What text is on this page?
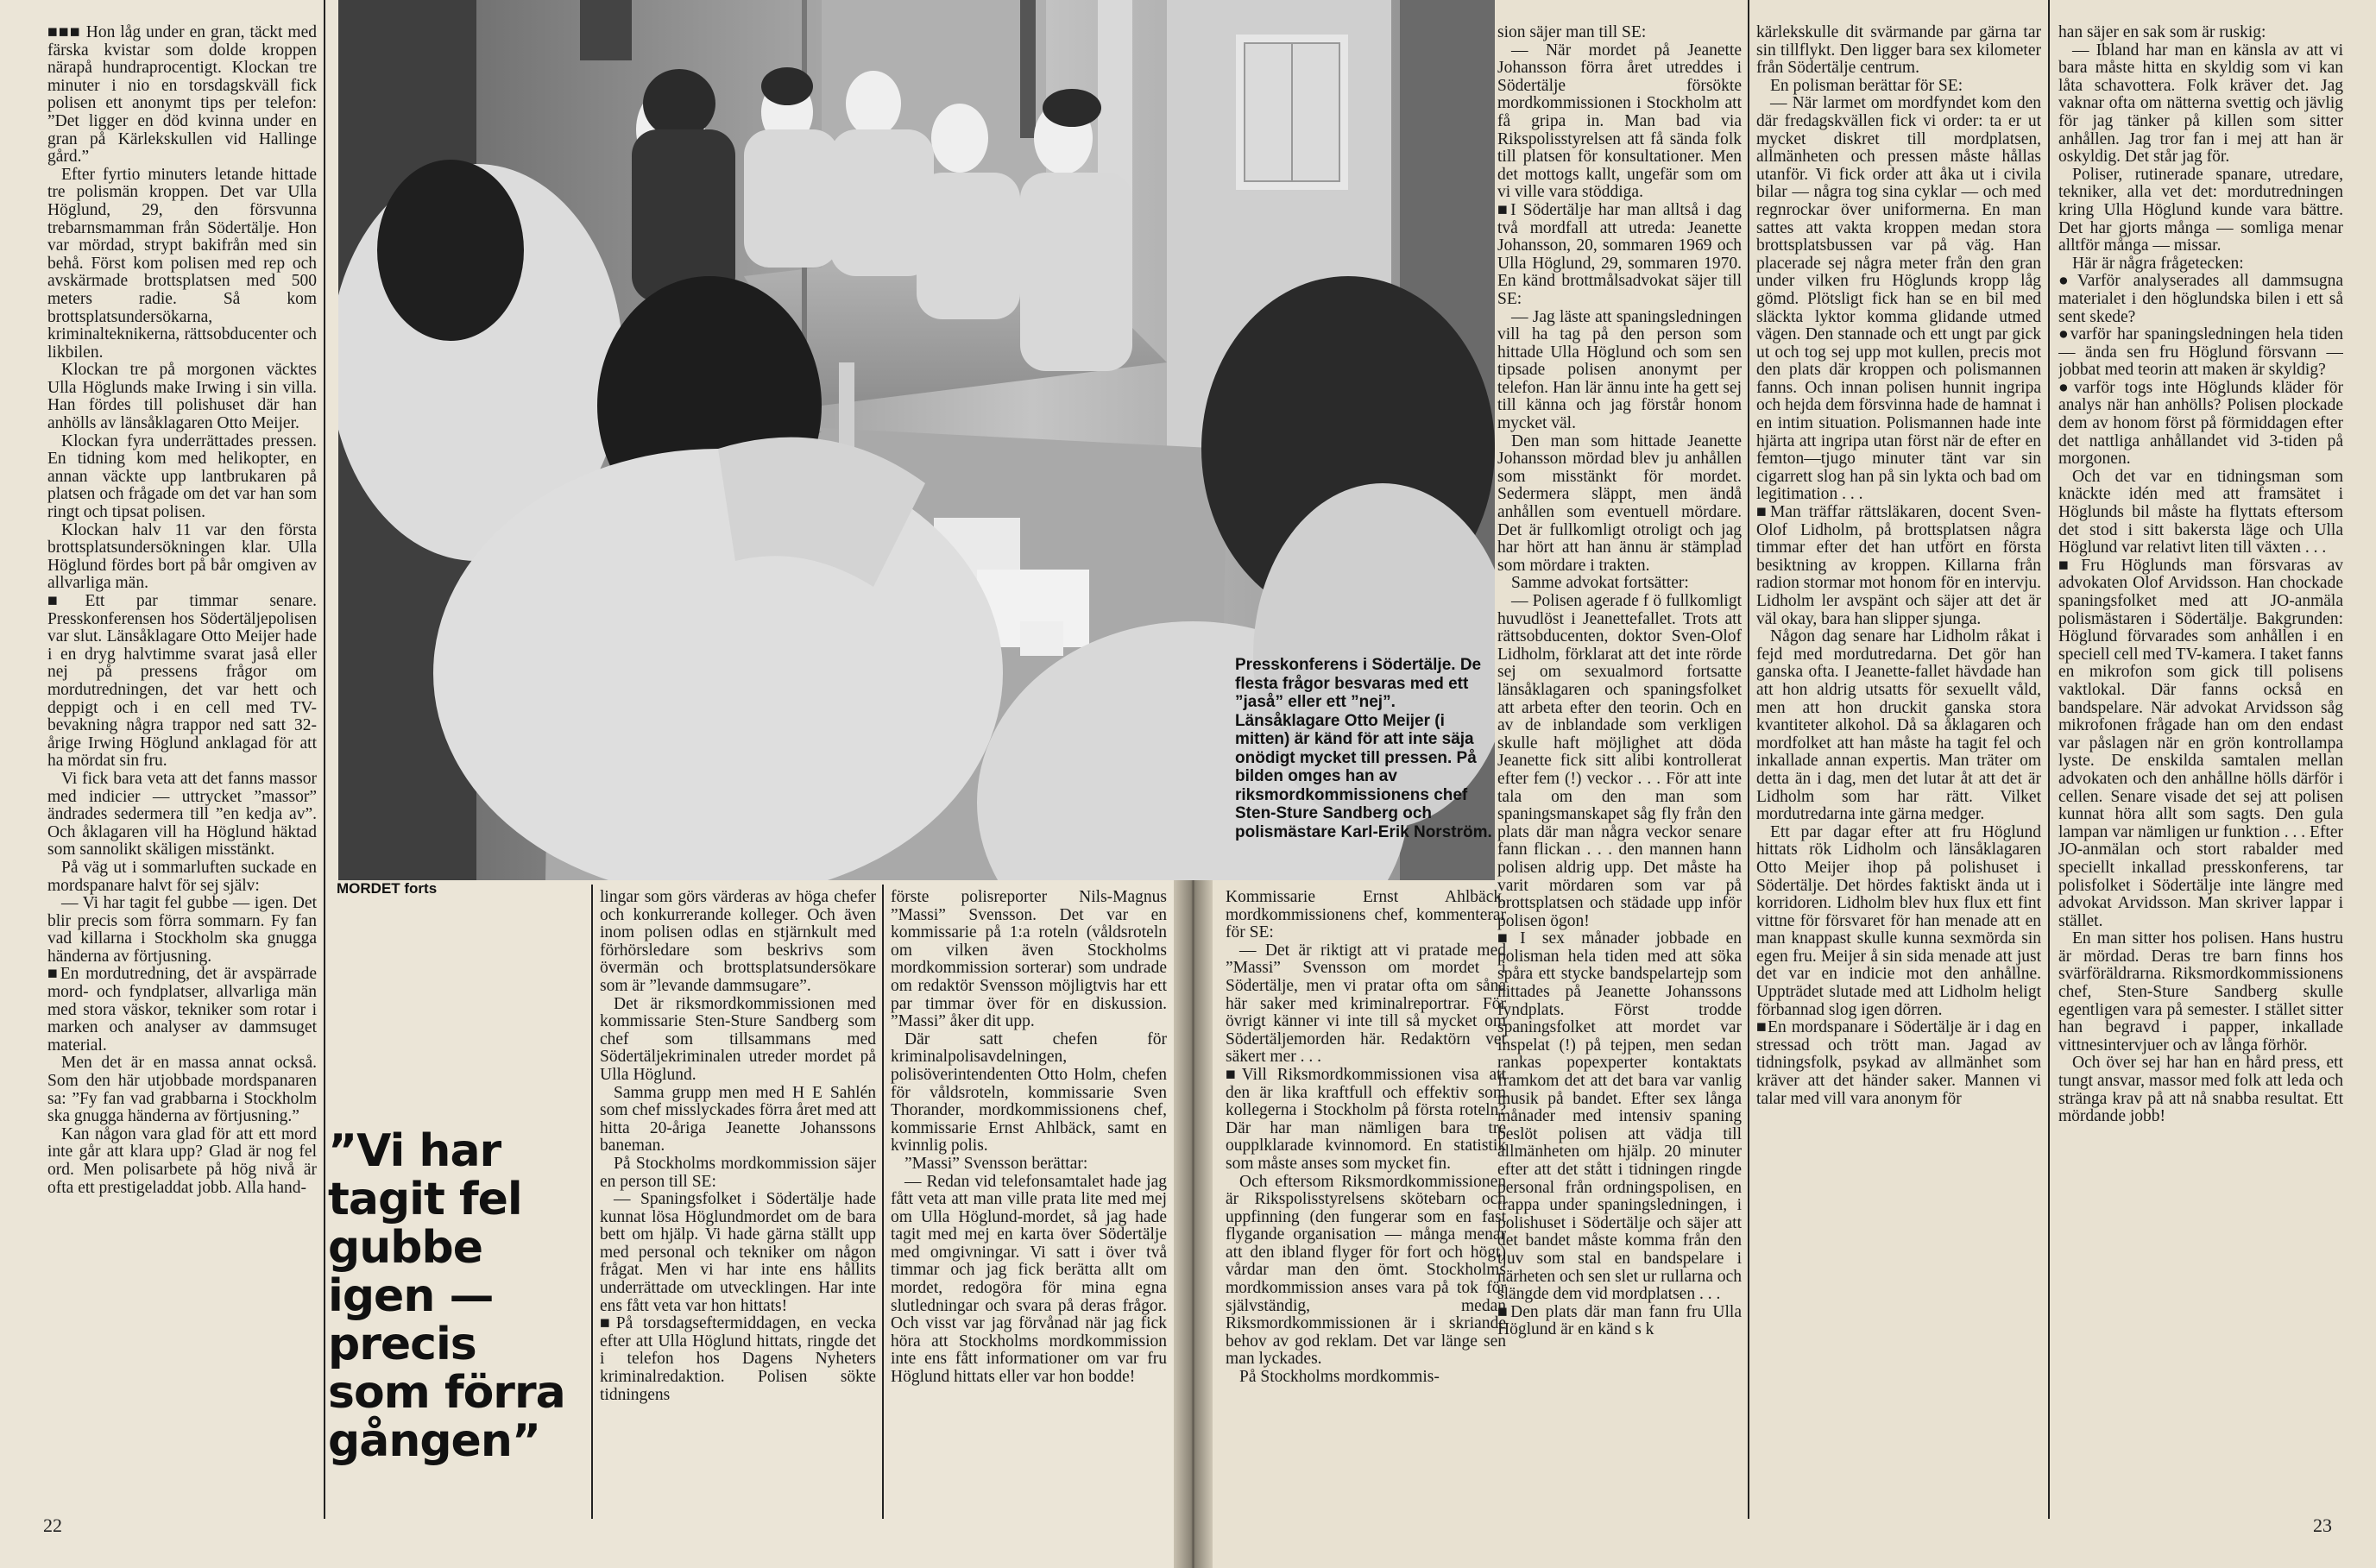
MORDET forts

■ ■■ Hon låg under en gran, täckt med färska kvistar som dolde kroppen närapå hundraprocentigt. Klockan tre minuter i nio en torsdagskväll fick polisen ett anonymt tips per telefon: ”Det ligger en död kvinna under en gran på Kärlekskullen vid Hallinge gård.”

Efter fyrtio minuters letande hittade tre polismän kroppen. Det var Ulla Höglund, 29, den försvunna trebarnsmamman från Södertälje. Hon var mördad, strypt bakifrån med sin behå. Först kom polisen med rep och avskärmade brottsplatsen med 500 meters radie. Så kom brottsplatsundersökarna, kriminalteknikerna, rättsobducenter och likbilen.

Klockan tre på morgonen väcktes Ulla Höglunds make Irwing i sin villa. Han fördes till polishuset där han anhölls av länsåklagaren Otto Meijer.

Klockan fyra underrättades pressen. En tidning kom med helikopter, en annan väckte upp lantbrukaren på platsen och frågade om det var han som ringt och tipsat polisen.

Klockan halv 11 var den första brottsplatsundersökningen klar. Ulla Höglund fördes bort på bår omgiven av allvarliga män.

■ Ett par timmar senare. Presskonferensen hos Södertäljepolisen var slut. Länsåklagare Otto Meijer hade i en dryg halvtimme svarat jaså eller nej på pressens frågor om mordutredningen, det var hett och deppigt och i en cell med TV-bevakning några trappor ned satt 32-årige Irwing Höglund anklagad för att ha mördat sin fru.

Vi fick bara veta att det fanns massor med indicier — uttrycket ”massor” ändrades sedermera till ”en kedja av”. Och åklagaren vill ha Höglund häktad som sannolikt skäligen misstänkt.

På väg ut i sommarluften suckade en mordspanare halvt för sej själv:

— Vi har tagit fel gubbe — igen. Det blir precis som förra sommarn. Fy fan vad killarna i Stockholm ska gnugga händerna av förtjusning.

■ En mordutredning, det är avspärrade mord- och fyndplatser, allvarliga män med stora väskor, tekniker som rotar i marken och analyser av dammsuget material.

Men det är en massa annat också. Som den här utjobbade mordspanaren sa: ”Fy fan vad grabbarna i Stockholm ska gnugga händerna av förtjusning.”

Kan någon vara glad för att ett mord inte går att klara upp? Glad är nog fel ord. Men polisarbete på hög nivå är ofta ett prestigeladdat jobb. Alla hand-

”Vi har tagit fel gubbe igen — precis som förra gången”

lingar som görs värderas av höga chefer och konkurrerande kolleger. Och även inom polisen odlas en stjärnkult med förhörsledare som beskrivs som övermän och brottsplatsundersökare som är ”levande dammsugare”.

Det är riksmordkommissionen med kommissarie Sten-Sture Sandberg som chef som tillsammans med Södertäljekriminalen utreder mordet på Ulla Höglund.

Samma grupp men med H E Sahlén som chef misslyckades förra året med att hitta 20-åriga Jeanette Johanssons baneman.

På Stockholms mordkommission säjer en person till SE:

— Spaningsfolket i Södertälje hade kunnat lösa Höglundmordet om de bara bett om hjälp. Vi hade gärna ställt upp med personal och tekniker om någon frågat. Men vi har inte ens hållits underrättade om utvecklingen. Har inte ens fått veta var hon hittats!

■ På torsdagseftermiddagen, en vecka efter att Ulla Höglund hittats, ringde det i telefon hos Dagens Nyheters kriminalredaktion. Polisen sökte tidningens

förste polisreporter Nils-Magnus ”Massi” Svensson. Det var en kommissarie på 1:a roteln (våldsroteln om vilken även Stockholms mordkommission sorterar) som undrade om redaktör Svensson möjligtvis har ett par timmar över för en diskussion. ”Massi” åker dit upp.

Där satt chefen för kriminalpolisavdelningen, polisöverintendenten Otto Holm, chefen för våldsroteln, kommissarie Sven Thorander, mordkommissionens chef, kommissarie Ernst Ahlbäck, samt en kvinnlig polis.

”Massi” Svensson berättar:

— Redan vid telefonsamtalet hade jag fått veta att man ville prata lite med mej om Ulla Höglund-mordet, så jag hade tagit med mej en karta över Södertälje med omgivningar. Vi satt i över två timmar och jag fick berätta allt om mordet, redogöra för mina egna slutledningar och svara på deras frågor. Och visst var jag förvånad när jag fick höra att Stockholms mordkommission inte ens fått informationer om var fru Höglund hittats eller var hon bodde!

Presskonferens i Södertälje. De flesta frågor besvaras med ett ”jaså” eller ett ”nej”. Länsåklagare Otto Meijer (i mitten) är känd för att inte säja onödigt mycket till pressen. På bilden omges han av riksmordkommissionens chef Sten-Sture Sandberg och polismästare Karl-Erik Norström.

Kommissarie Ernst Ahlbäck, mordkommissionens chef, kommenterar för SE:

— Det är riktigt att vi pratade med ”Massi” Svensson om mordet i Södertälje, men vi pratar ofta om såna här saker med kriminalreportrar. För övrigt känner vi inte till så mycket om Södertäljemorden här. Redaktörn vet säkert mer . . .

■ Vill Riksmordkommissionen visa att den är lika kraftfull och effektiv som kollegerna i Stockholm på första roteln? Där har man nämligen bara tre oupplklarade kvinnomord. En statistik som måste anses som mycket fin.

Och eftersom Riksmordkommissionen är Rikspolisstyrelsens skötebarn och uppfinning (den fungerar som en fast flygande organisation — många menar att den ibland flyger för fort och högt) vårdar man den ömt. Stockholms mordkommission anses vara på tok för självständig, medan Riksmordkommissionen är i skriande behov av god reklam. Det var länge sen man lyckades.

På Stockholms mordkommis-

sion säjer man till SE:

— När mordet på Jeanette Johansson förra året utreddes i Södertälje försökte mordkommissionen i Stockholm att få gripa in. Man bad via Rikspolisstyrelsen att få sända folk till platsen för konsultationer. Men det mottogs kallt, ungefär som om vi ville vara stöddiga.

■ I Södertälje har man alltså i dag två mordfall att utreda: Jeanette Johansson, 20, sommaren 1969 och Ulla Höglund, 29, sommaren 1970. En känd brottmålsadvokat säjer till SE:

— Jag läste att spaningsledningen vill ha tag på den person som hittade Ulla Höglund och som sen tipsade polisen anonymt per telefon. Han lär ännu inte ha gett sej till känna och jag förstår honom mycket väl.

Den man som hittade Jeanette Johansson mördad blev ju anhållen som misstänkt för mordet. Sedermera släppt, men ändå anhållen som eventuell mördare. Det är fullkomligt otroligt och jag har hört att han ännu är stämplad som mördare i trakten.

Samme advokat fortsätter:

— Polisen agerade f ö fullkomligt huvudlöst i Jeanettefallet. Trots att rättsobducenten, doktor Sven-Olof Lidholm, förklarat att det inte rörde sej om sexualmord fortsatte länsåklagaren och spaningsfolket att arbeta efter den teorin. Och en av de inblandade som verkligen skulle haft möjlighet att döda Jeanette fick sitt alibi kontrollerat efter fem (!) veckor . . . För att inte tala om den man som spaningsmanskapet såg fly från den plats där man några veckor senare fann flickan . . . den mannen hann polisen aldrig upp. Det måste ha varit mördaren som var på brottsplatsen och städade upp inför polisen ögon!

■ I sex månader jobbade en polisman hela tiden med att söka spåra ett stycke bandspelartejp som hittades på Jeanette Johanssons fyndplats. Först trodde spaningsfolket att mordet var inspelat (!) på tejpen, men sedan rankas popexperter kontaktats framkom det att det bara var vanlig musik på bandet. Efter sex långa månader med intensiv spaning beslöt polisen att vädja till allmänheten om hjälp. 20 minuter efter att det stått i tidningen ringde personal från ordningspolisen, en trappa under spaningsledningen, i polishuset i Södertälje och säjer att det bandet måste komma från den tjuv som stal en bandspelare i närheten och sen slet ur rullarna och slängde dem vid mordplatsen . . .

■ Den plats där man fann fru Ulla Höglund är en känd s k

kärlekskulle dit svärmande par gärna tar sin tillflykt. Den ligger bara sex kilometer från Södertälje centrum.

En polisman berättar för SE:

— När larmet om mordfyndet kom den där fredagskvällen fick vi order: ta er ut mycket diskret till mordplatsen, allmänheten och pressen måste hållas utanför. Vi fick order att åka ut i civila bilar — några tog sina cyklar — och med regnrockar över uniformerna. En man sattes att vakta kroppen medan stora brottsplatsbussen var på väg. Han placerade sej några meter från den gran under vilken fru Höglunds kropp låg gömd. Plötsligt fick han se en bil med släckta lyktor komma glidande utmed vägen. Den stannade och ett ungt par gick ut och tog sej upp mot kullen, precis mot den plats där kroppen och polismannen fanns. Och innan polisen hunnit ingripa och hejda dem försvinna hade de hamnat i en intim situation. Polismannen hade inte hjärta att ingripa utan först när de efter en femton—tjugo minuter tänt var sin cigarrett slog han på sin lykta och bad om legitimation . . .

■ Man träffar rättsläkaren, docent Sven-Olof Lidholm, på brottsplatsen några timmar efter det han utfört en första besiktning av kroppen. Killarna från radion stormar mot honom för en intervju. Lidholm ler avspänt och säjer att det är väl okay, bara han slipper sjunga.

Någon dag senare har Lidholm råkat i fejd med mordutredarna. Det gör han ganska ofta. I Jeanette-fallet hävdade han att hon aldrig utsatts för sexuellt våld, men att hon druckit ganska stora kvantiteter alkohol. Då sa åklagaren och mordfolket att han måste ha tagit fel och inkallade annan expertis. Man träter om detta än i dag, men det lutar åt att det är Lidholm som har rätt. Vilket mordutredarna inte gärna medger.

Ett par dagar efter att fru Höglund hittats rök Lidholm och länsåklagaren Otto Meijer ihop på polishuset i Södertälje. Det hördes faktiskt ända ut i korridoren. Lidholm blev hux flux ett fint vittne för försvaret för han menade att en man knappast skulle kunna sexmörda sin egen fru. Meijer å sin sida menade att just det var en indicie mot den anhållne. Uppträdet slutade med att Lidholm heligt förbannad slog igen dörren.

■ En mordspanare i Södertälje är i dag en stressad och trött man. Jagad av tidningsfolk, psykad av allmänhet som kräver att det händer saker. Mannen vi talar med vill vara anonym för

han säjer en sak som är ruskig:

— Ibland har man en känsla av att vi bara måste hitta en skyldig som vi kan låta schavottera. Folk kräver det. Jag vaknar ofta om nätterna svettig och jävlig för jag tänker på killen som sitter anhållen. Jag tror fan i mej att han är oskyldig. Det står jag för.

Poliser, rutinerade spanare, utredare, tekniker, alla vet det: mordutredningen kring Ulla Höglund kunde vara bättre. Det har gjorts många — somliga menar alltför många — missar.

Här är några frågetecken:

● Varför analyserades all dammsugna materialet i den höglundska bilen i ett så sent skede?

● varför har spaningsledningen hela tiden — ända sen fru Höglund försvann — jobbat med teorin att maken är skyldig?

● varför togs inte Höglunds kläder för analys när han anhölls? Polisen plockade dem av honom först på förmiddagen efter det nattliga anhållandet vid 3-tiden på morgonen.

Och det var en tidningsman som knäckte idén med att framsätet i Höglunds bil måste ha flyttats eftersom det stod i sitt bakersta läge och Ulla Höglund var relativt liten till växten . . .

■ Fru Höglunds man försvaras av advokaten Olof Arvidsson. Han chockade spaningsfolket med att JO-anmäla polismästaren i Södertälje. Bakgrunden: Höglund förvarades som anhållen i en speciell cell med TV-kamera. I taket fanns en mikrofon som gick till polisens vaktlokal. Där fanns också en bandspelare. När advokat Arvidsson såg mikrofonen frågade han om den endast var påslagen när en grön kontrollampa lyste. De enskilda samtalen mellan advokaten och den anhållne hölls därför i cellen. Senare visade det sej att polisen kunnat höra allt som sagts. Den gula lampan var nämligen ur funktion . . . Efter JO-anmälan och stort rabalder med speciellt inkallad presskonferens, tar polisfolket i Södertälje inte längre med advokat Arvidsson. Man skriver lappar i stället.

En man sitter hos polisen. Hans hustru är mördad. Deras tre barn finns hos svärföräldrarna. Riksmordkommissionens chef, Sten-Sture Sandberg skulle egentligen vara på semester. I stället sitter han begravd i papper, inkallade vittnesintervjuer och av långa förhör.

Och över sej har han en hård press, ett tungt ansvar, massor med folk att leda och stränga krav på att nå snabba resultat. Ett mördande jobb!

22	23
